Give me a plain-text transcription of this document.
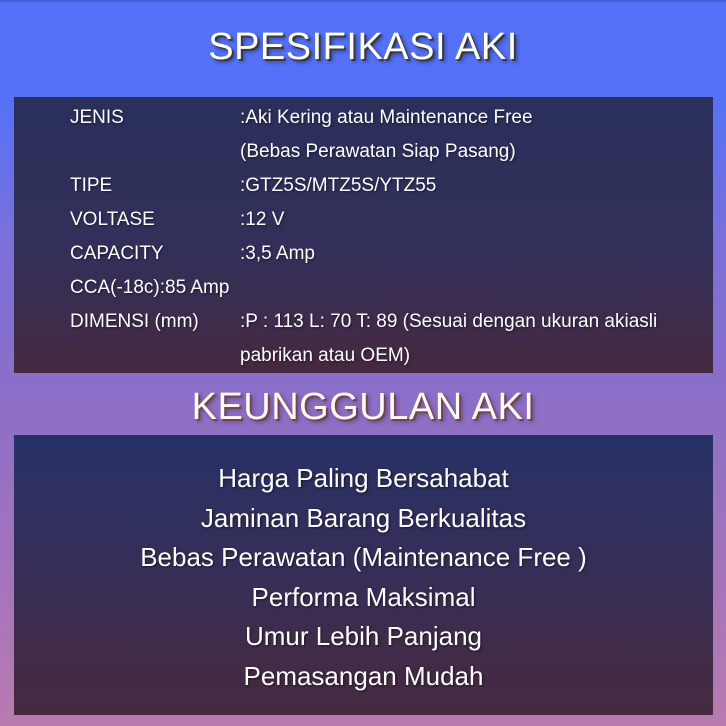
SPESIFIKASI AKI
JENIS	:Aki Kering atau Maintenance Free
(Bebas Perawatan Siap Pasang)
TIPE	:GTZ5S/MTZ5S/YTZ55
VOLTASE	:12 V
CAPACITY	:3,5 Amp
CCA(-18c):85 Amp
DIMENSI (mm)	:P : 113 L: 70 T: 89 (Sesuai dengan ukuran akiasli
pabrikan atau OEM)
KEUNGGULAN AKI
Harga Paling Bersahabat
Jaminan Barang Berkualitas
Bebas Perawatan (Maintenance Free )
Performa Maksimal
Umur Lebih Panjang
Pemasangan Mudah
